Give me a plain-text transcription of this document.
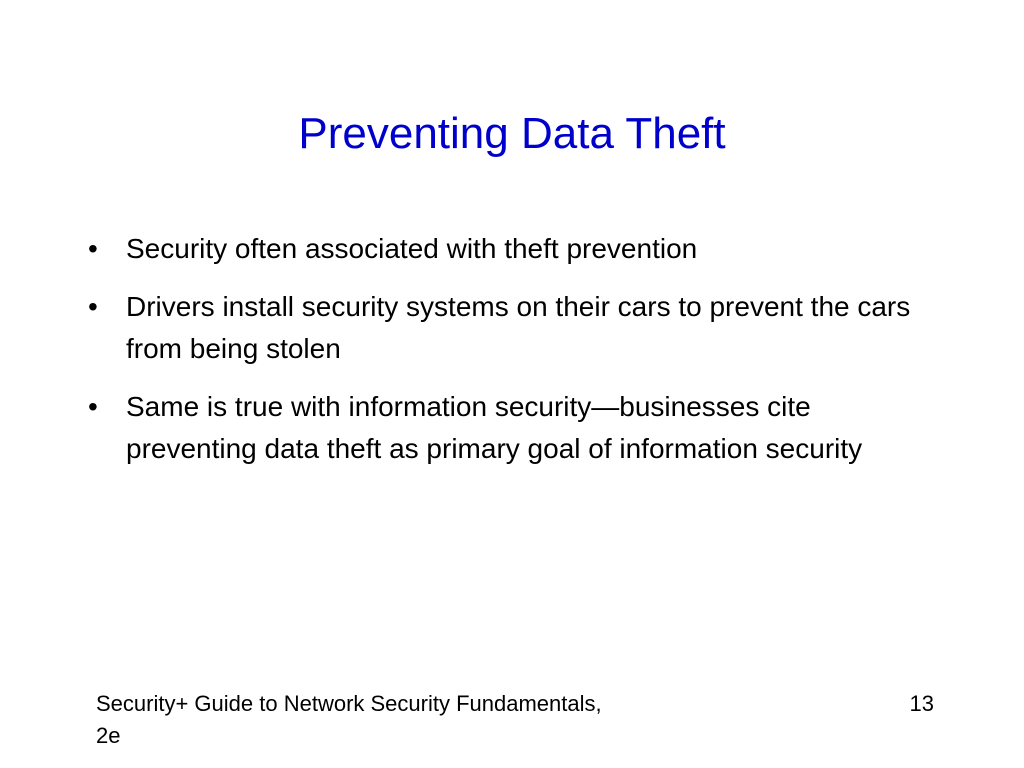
Preventing Data Theft
• Security often associated with theft prevention
• Drivers install security systems on their cars to prevent the cars from being stolen
• Same is true with information security—businesses cite preventing data theft as primary goal of information security
Security+ Guide to Network Security Fundamentals, 2e
13
